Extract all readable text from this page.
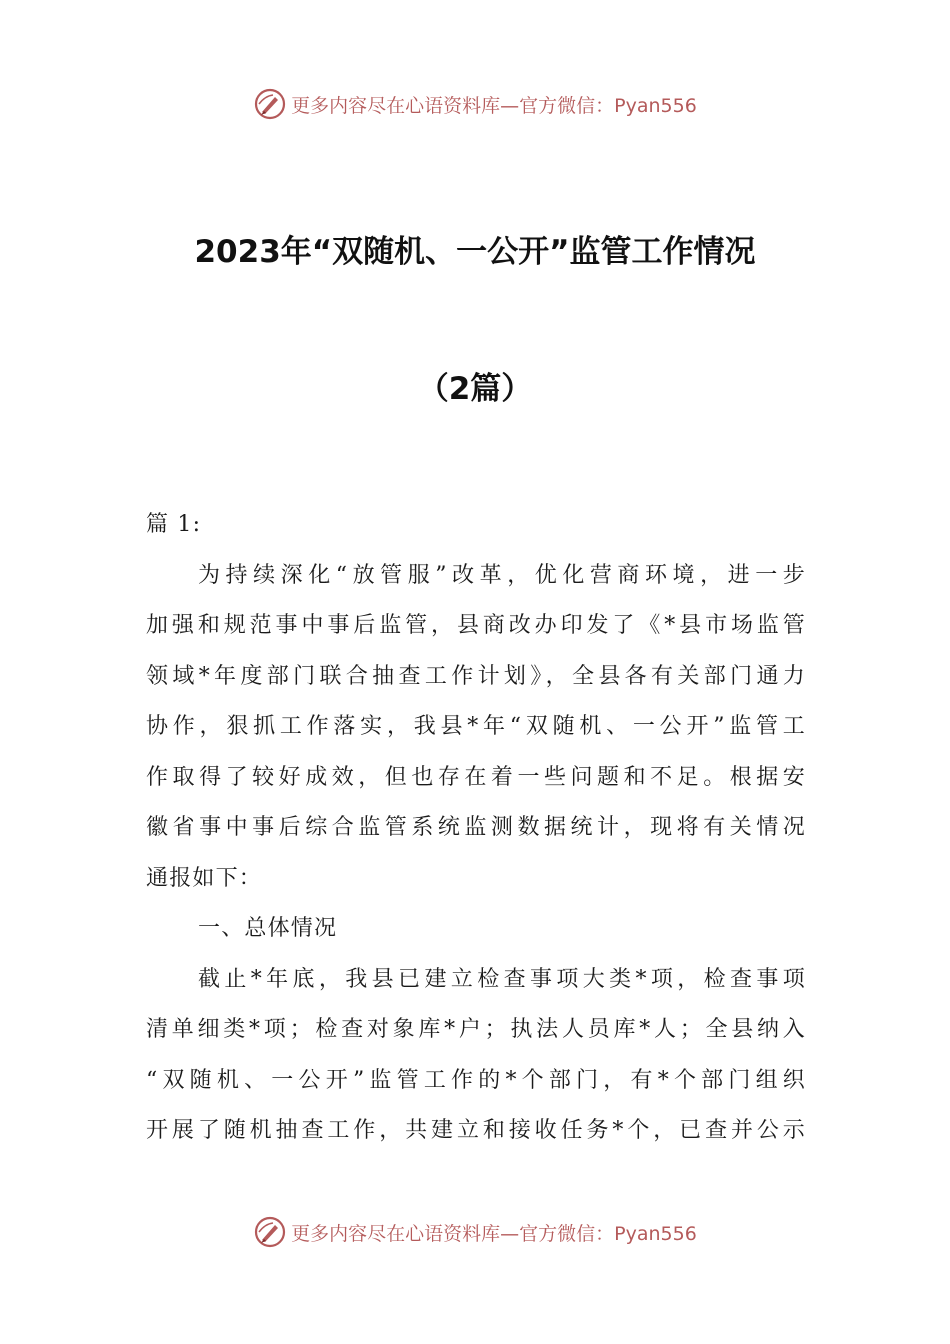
更多内容尽在心语资料库 —官方微信：Pyan556
2023年“双随机、一公开”监管工作情况
（2篇）
篇 1:
为持续深化“放管服”改革，优化营商环境，进一步
加强和规范事中事后监管，县商改办印发了《*县市场监管
领域*年度部门联合抽查工作计划》，全县各有关部门通力
协作，狠抓工作落实，我县*年“双随机、一公开”监管工
作取得了较好成效，但也存在着一些问题和不足。根据安
徽省事中事后综合监管系统监测数据统计，现将有关情况
通报如下：
一、总体情况
截止*年底，我县已建立检查事项大类*项，检查事项
清单细类*项；检查对象库*户；执法人员库*人；全县纳入
“双随机、一公开”监管工作的*个部门，有*个部门组织
开展了随机抽查工作，共建立和接收任务*个，已查并公示
更多内容尽在心语资料库 —官方微信：Pyan556
